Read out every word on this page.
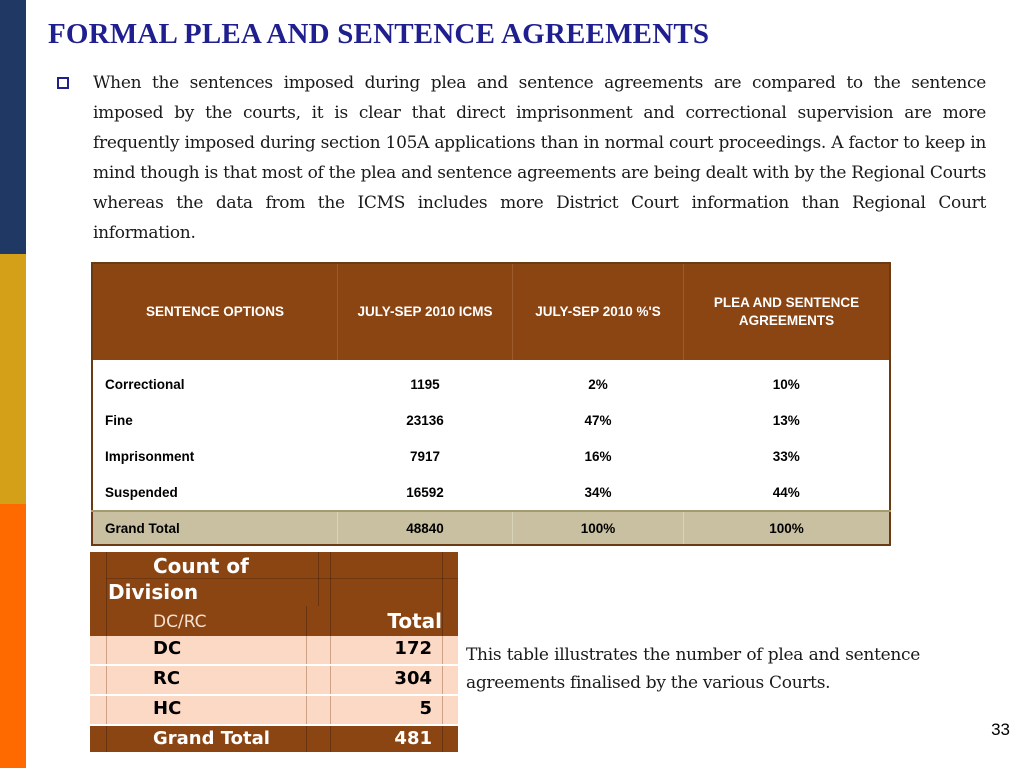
FORMAL PLEA AND SENTENCE AGREEMENTS
When the sentences imposed during plea and sentence agreements are compared to the sentence imposed by the courts, it is clear that direct imprisonment and correctional supervision are more frequently imposed during section 105A applications than in normal court proceedings. A factor to keep in mind though is that most of the plea and sentence agreements are being dealt with by the Regional Courts whereas the data from the ICMS includes more District Court information than Regional Court information.
SENTENCE OPTIONS	JULY-SEP 2010 ICMS	JULY-SEP 2010 %'S	PLEA AND SENTENCE AGREEMENTS
Correctional	1195	2%	10%
Fine	23136	47%	13%
Imprisonment	7917	16%	33%
Suspended	16592	34%	44%
Grand Total	48840	100%	100%
Count of
Division
DC/RC	Total
DC	172
RC	304
HC	5
Grand Total	481
This table illustrates the number of plea and sentence agreements finalised by the various Courts.
33
